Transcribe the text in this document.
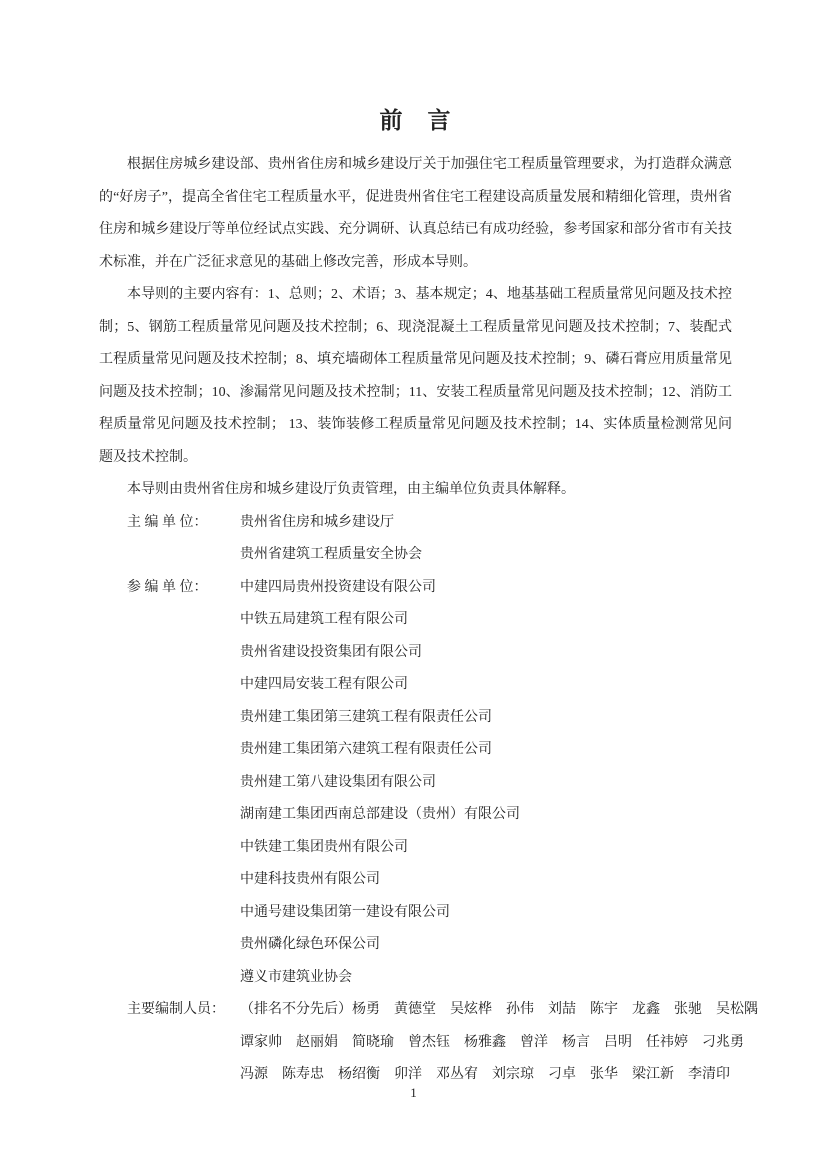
前　言

根据住房城乡建设部、贵州省住房和城乡建设厅关于加强住宅工程质量管理要求，为打造群众满意的“好房子”，提高全省住宅工程质量水平，促进贵州省住宅工程建设高质量发展和精细化管理，贵州省住房和城乡建设厅等单位经试点实践、充分调研、认真总结已有成功经验，参考国家和部分省市有关技术标准，并在广泛征求意见的基础上修改完善，形成本导则。

本导则的主要内容有：1、总则；2、术语；3、基本规定；4、地基基础工程质量常见问题及技术控制；5、钢筋工程质量常见问题及技术控制；6、现浇混凝土工程质量常见问题及技术控制；7、装配式工程质量常见问题及技术控制；8、填充墙砌体工程质量常见问题及技术控制；9、磷石膏应用质量常见问题及技术控制；10、渗漏常见问题及技术控制；11、安装工程质量常见问题及技术控制；12、消防工程质量常见问题及技术控制； 13、装饰装修工程质量常见问题及技术控制；14、实体质量检测常见问题及技术控制。

本导则由贵州省住房和城乡建设厅负责管理，由主编单位负责具体解释。

主 编 单 位：	贵州省住房和城乡建设厅
贵州省建筑工程质量安全协会
参 编 单 位：	中建四局贵州投资建设有限公司
中铁五局建筑工程有限公司
贵州省建设投资集团有限公司
中建四局安装工程有限公司
贵州建工集团第三建筑工程有限责任公司
贵州建工集团第六建筑工程有限责任公司
贵州建工第八建设集团有限公司
湖南建工集团西南总部建设（贵州）有限公司
中铁建工集团贵州有限公司
中建科技贵州有限公司
中通号建设集团第一建设有限公司
贵州磷化绿色环保公司
遵义市建筑业协会
主要编制人员：	（排名不分先后）杨勇　黄德堂　吴炫桦　孙伟　刘喆　陈宇　龙鑫　张驰　吴松隅
谭家帅　赵丽娟　简晓瑜　曾杰钰　杨雅鑫　曾洋　杨言　吕明　任祎婷　刁兆勇
冯源　陈寿忠　杨绍衡　卯洋　邓丛宥　刘宗琼　刁卓　张华　梁江新　李清印
1
